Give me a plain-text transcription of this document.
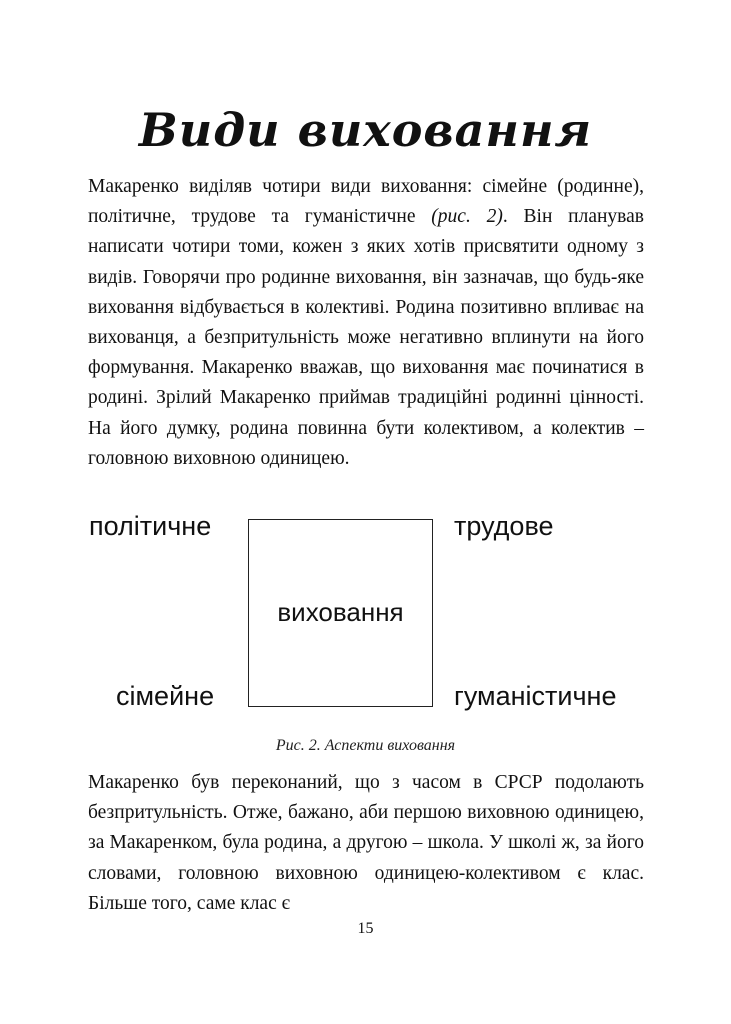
Види виховання

Макаренко виділяв чотири види виховання: сімейне (родинне), політичне, трудове та гуманістичне (рис. 2). Він планував написати чотири томи, кожен з яких хотів присвятити одному з видів. Говорячи про родинне виховання, він зазначав, що будь-яке виховання відбувається в колективі. Родина позитивно впливає на вихованця, а безпритульність може негативно вплинути на його формування. Макаренко вважав, що виховання має починатися в родині. Зрілий Макаренко приймав традиційні родинні цінності. На його думку, родина повинна бути колективом, а колектив – головною виховною одиницею.

політичне	трудове
виховання
сімейне	гуманістичне
Рис. 2. Аспекти виховання

Макаренко був переконаний, що з часом в СРСР подолають безпритульність. Отже, бажано, аби першою виховною одиницею, за Макаренком, була родина, а другою – школа. У школі ж, за його словами, головною виховною одиницею-колективом є клас. Більше того, саме клас є

15
